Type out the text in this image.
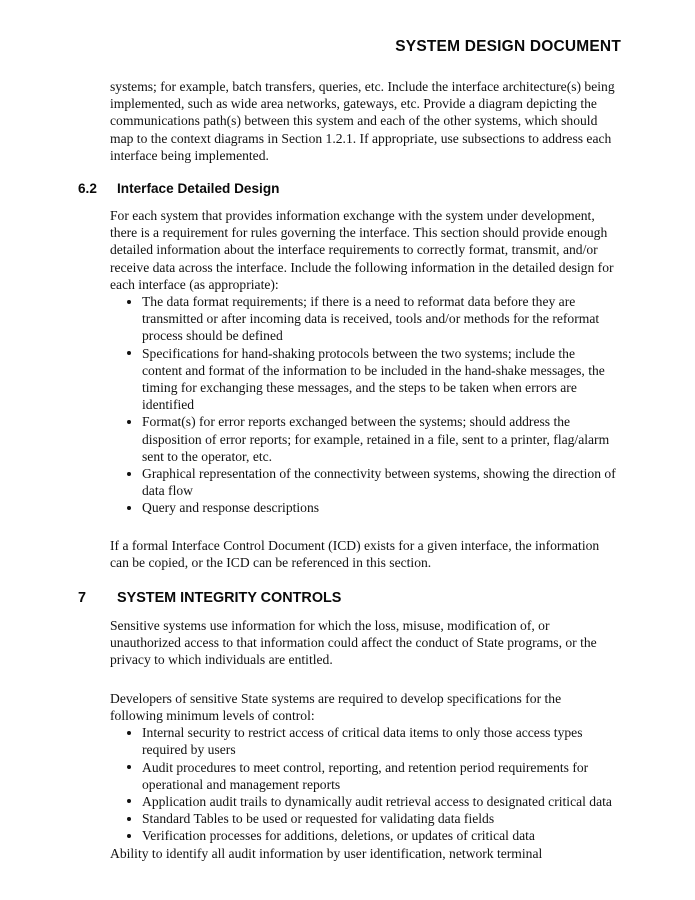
SYSTEM DESIGN DOCUMENT

systems; for example, batch transfers, queries, etc. Include the interface architecture(s) being implemented, such as wide area networks, gateways, etc. Provide a diagram depicting the communications path(s) between this system and each of the other systems, which should map to the context diagrams in Section 1.2.1. If appropriate, use subsections to address each interface being implemented.

6.2	Interface Detailed Design

For each system that provides information exchange with the system under development, there is a requirement for rules governing the interface. This section should provide enough detailed information about the interface requirements to correctly format, transmit, and/or receive data across the interface. Include the following information in the detailed design for each interface (as appropriate):

The data format requirements; if there is a need to reformat data before they are transmitted or after incoming data is received, tools and/or methods for the reformat process should be defined
Specifications for hand-shaking protocols between the two systems; include the content and format of the information to be included in the hand-shake messages, the timing for exchanging these messages, and the steps to be taken when errors are identified
Format(s) for error reports exchanged between the systems; should address the disposition of error reports; for example, retained in a file, sent to a printer, flag/alarm sent to the operator, etc.
Graphical representation of the connectivity between systems, showing the direction of data flow
Query and response descriptions

If a formal Interface Control Document (ICD) exists for a given interface, the information can be copied, or the ICD can be referenced in this section.

7	SYSTEM INTEGRITY CONTROLS

Sensitive systems use information for which the loss, misuse, modification of, or unauthorized access to that information could affect the conduct of State programs, or the privacy to which individuals are entitled.

Developers of sensitive State systems are required to develop specifications for the following minimum levels of control:

Internal security to restrict access of critical data items to only those access types required by users
Audit procedures to meet control, reporting, and retention period requirements for operational and management reports
Application audit trails to dynamically audit retrieval access to designated critical data
Standard Tables to be used or requested for validating data fields
Verification processes for additions, deletions, or updates of critical data

Ability to identify all audit information by user identification, network terminal
